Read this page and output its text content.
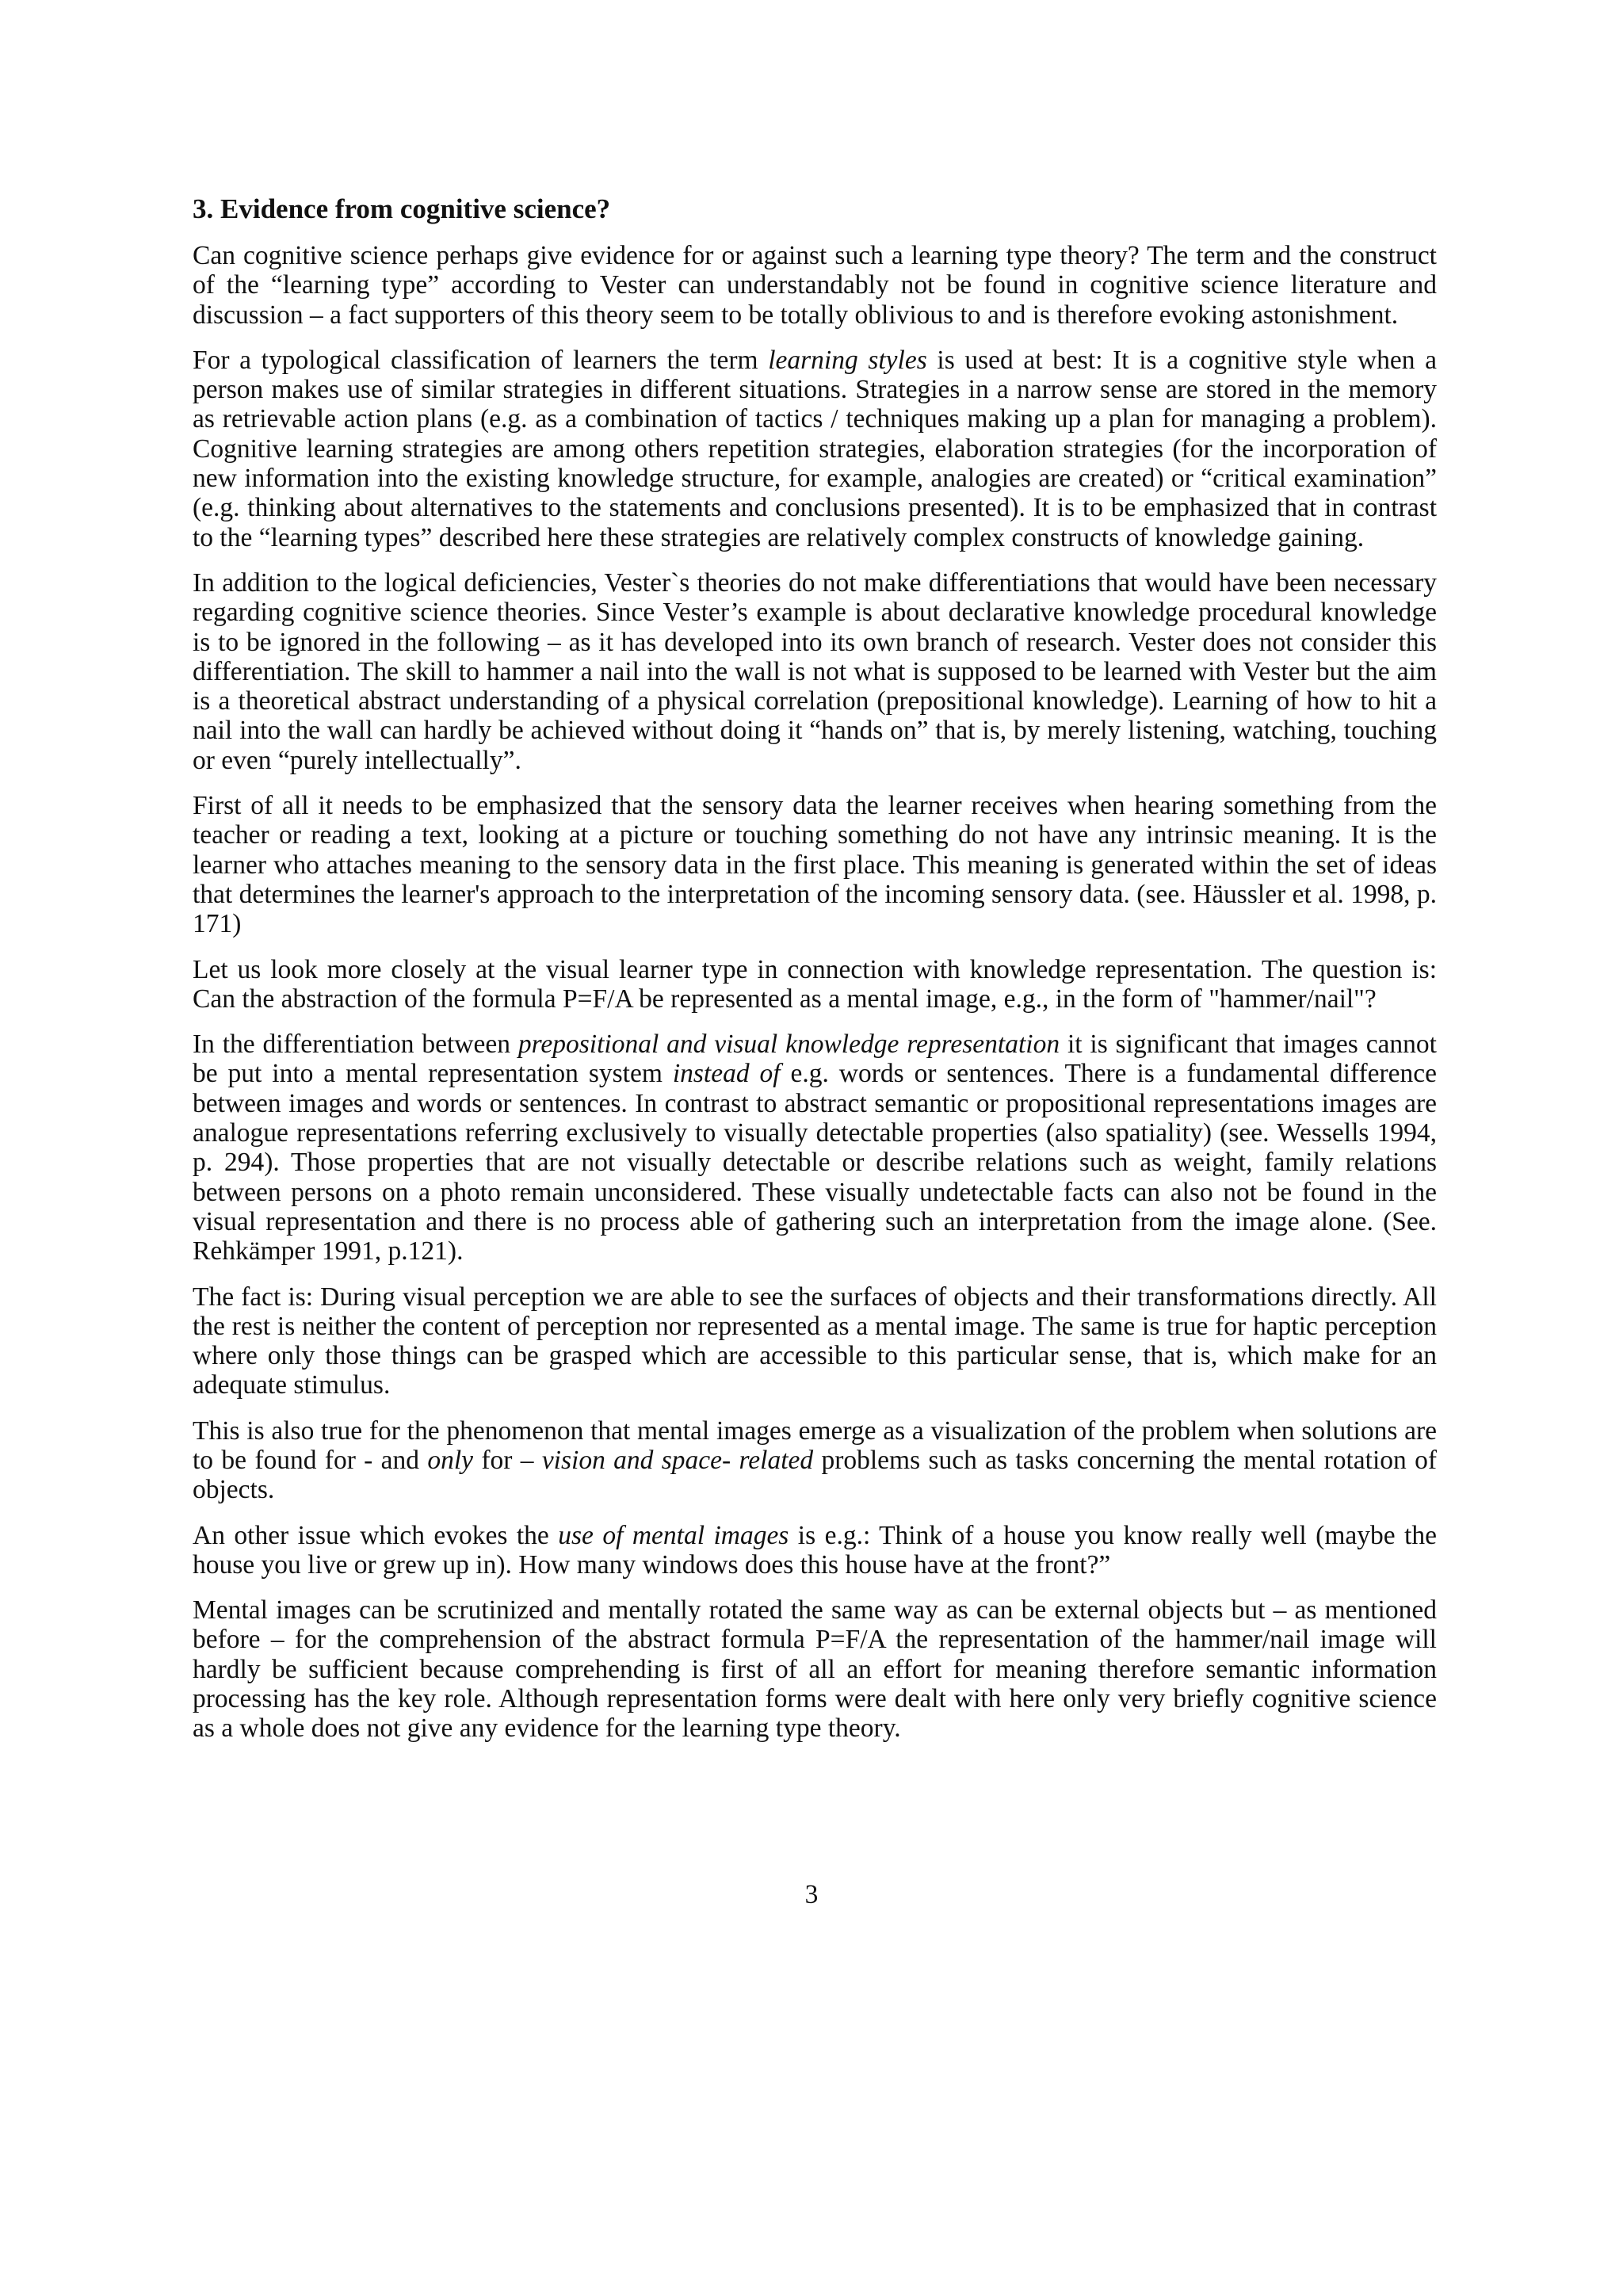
3. Evidence from cognitive science?

Can cognitive science perhaps give evidence for or against such a learning type theory? The term and the construct of the “learning type” according to Vester can understandably not be found in cognitive science literature and discussion – a fact supporters of this theory seem to be totally oblivious to and is therefore evoking astonishment.

For a typological classification of learners the term learning styles is used at best: It is a cognitive style when a person makes use of similar strategies in different situations. Strategies in a narrow sense are stored in the memory as retrievable action plans (e.g. as a combination of tactics / techniques making up a plan for managing a problem). Cognitive learning strategies are among others repetition strategies, elaboration strategies (for the incorporation of new information into the existing knowledge structure, for example, analogies are created) or “critical examination” (e.g. thinking about alternatives to the statements and conclusions presented). It is to be emphasized that in contrast to the “learning types” described here these strategies are relatively complex constructs of knowledge gaining.

In addition to the logical deficiencies, Vester`s theories do not make differentiations that would have been necessary regarding cognitive science theories. Since Vester’s example is about declarative knowledge procedural knowledge is to be ignored in the following – as it has developed into its own branch of research. Vester does not consider this differentiation. The skill to hammer a nail into the wall is not what is supposed to be learned with Vester but the aim is a theoretical abstract understanding of a physical correlation (prepositional knowledge). Learning of how to hit a nail into the wall can hardly be achieved without doing it “hands on” that is, by merely listening, watching, touching or even “purely intellectually”.

First of all it needs to be emphasized that the sensory data the learner receives when hearing something from the teacher or reading a text, looking at a picture or touching something do not have any intrinsic meaning. It is the learner who attaches meaning to the sensory data in the first place. This meaning is generated within the set of ideas that determines the learner's approach to the interpretation of the incoming sensory data. (see. Häussler et al. 1998, p. 171)

Let us look more closely at the visual learner type in connection with knowledge representation. The question is: Can the abstraction of the formula P=F/A be represented as a mental image, e.g., in the form of "hammer/nail"?

In the differentiation between prepositional and visual knowledge representation it is significant that images cannot be put into a mental representation system instead of e.g. words or sentences. There is a fundamental difference between images and words or sentences. In contrast to abstract semantic or propositional representations images are analogue representations referring exclusively to visually detectable properties (also spatiality) (see. Wessells 1994, p. 294). Those properties that are not visually detectable or describe relations such as weight, family relations between persons on a photo remain unconsidered. These visually undetectable facts can also not be found in the visual representation and there is no process able of gathering such an interpretation from the image alone. (See. Rehkämper 1991, p.121).

The fact is: During visual perception we are able to see the surfaces of objects and their transformations directly. All the rest is neither the content of perception nor represented as a mental image. The same is true for haptic perception where only those things can be grasped which are accessible to this particular sense, that is, which make for an adequate stimulus.

This is also true for the phenomenon that mental images emerge as a visualization of the problem when solutions are to be found for - and only for – vision and space- related problems such as tasks concerning the mental rotation of objects.

An other issue which evokes the use of mental images is e.g.: Think of a house you know really well (maybe the house you live or grew up in). How many windows does this house have at the front?”

Mental images can be scrutinized and mentally rotated the same way as can be external objects but – as mentioned before – for the comprehension of the abstract formula P=F/A the representation of the hammer/nail image will hardly be sufficient because comprehending is first of all an effort for meaning therefore semantic information processing has the key role. Although representation forms were dealt with here only very briefly cognitive science as a whole does not give any evidence for the learning type theory.

3
